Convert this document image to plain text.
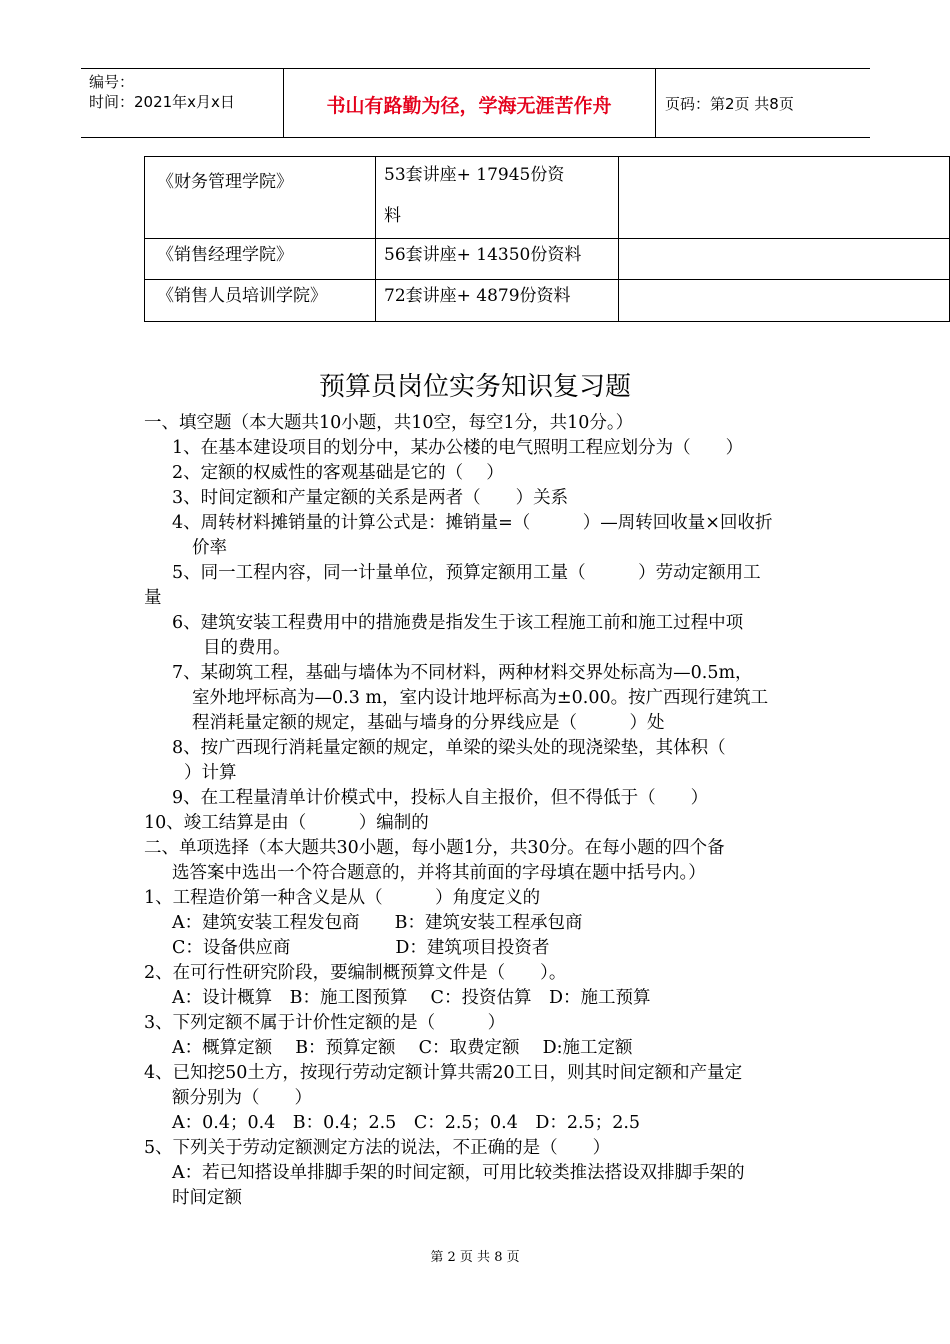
编号：
时间：2021年x月x日	书山有路勤为径，学海无涯苦作舟	页码：第2页 共8页
《财务管理学院》	53套讲座+ 17945份资
料	

《销售经理学院》	56套讲座+ 14350份资料	
《销售人员培训学院》	72套讲座+ 4879份资料	
预算员岗位实务知识复习题
一、填空题（本大题共10小题，共10空，每空1分，共10分。）
1、在基本建设项目的划分中，某办公楼的电气照明工程应划分为（　　）
2、定额的权威性的客观基础是它的（　 ）
3、时间定额和产量定额的关系是两者（　　）关系
4、周转材料摊销量的计算公式是：摊销量=（　　　）—周转回收量×回收折
价率
5、同一工程内容，同一计量单位，预算定额用工量（　　　）劳动定额用工
量
6、建筑安装工程费用中的措施费是指发生于该工程施工前和施工过程中项
目的费用。
7、某砌筑工程，基础与墙体为不同材料，两种材料交界处标高为—0.5m，
室外地坪标高为—0.3 m，室内设计地坪标高为±0.00。按广西现行建筑工
程消耗量定额的规定，基础与墙身的分界线应是（　　　）处
8、按广西现行消耗量定额的规定，单梁的梁头处的现浇梁垫，其体积（
）计算
9、在工程量清单计价模式中，投标人自主报价，但不得低于（　　）
10、竣工结算是由（　　　）编制的
二、单项选择（本大题共30小题，每小题1分，共30分。在每小题的四个备
选答案中选出一个符合题意的，并将其前面的字母填在题中括号内。）
1、工程造价第一种含义是从（　　　）角度定义的
A：建筑安装工程发包商　　B：建筑安装工程承包商
C：设备供应商　　　　　　D：建筑项目投资者
2、在可行性研究阶段，要编制概预算文件是（　　）。
A：设计概算　B：施工图预算　 C：投资估算　D：施工预算
3、下列定额不属于计价性定额的是（　　　）
A：概算定额　 B：预算定额　 C：取费定额　 D:施工定额
4、已知挖50土方，按现行劳动定额计算共需20工日，则其时间定额和产量定
额分别为（　　）
A：0.4；0.4　B：0.4；2.5　C：2.5；0.4　D：2.5；2.5
5、下列关于劳动定额测定方法的说法，不正确的是（　　）
A：若已知搭设单排脚手架的时间定额，可用比较类推法搭设双排脚手架的
时间定额
第 2 页 共 8 页
